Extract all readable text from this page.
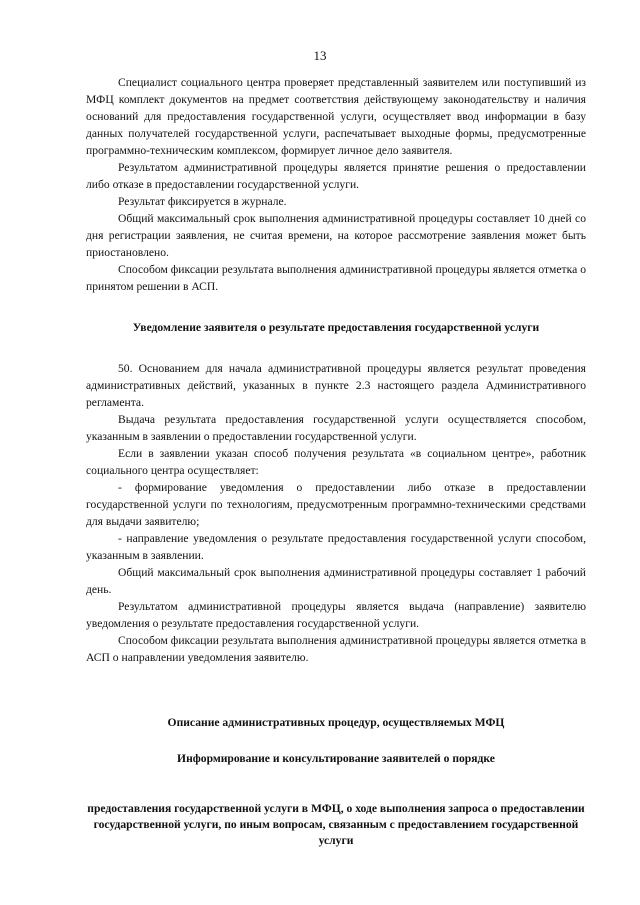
13

Специалист социального центра проверяет представленный заявителем или поступивший из МФЦ комплект документов на предмет соответствия действующему законодательству и наличия оснований для предоставления государственной услуги, осуществляет ввод информации в базу данных получателей государственной услуги, распечатывает выходные формы, предусмотренные программно-техническим комплексом, формирует личное дело заявителя.

Результатом административной процедуры является принятие решения о предоставлении либо отказе в предоставлении государственной услуги.

Результат фиксируется в журнале.

Общий максимальный срок выполнения административной процедуры составляет 10 дней со дня регистрации заявления, не считая времени, на которое рассмотрение заявления может быть приостановлено.

Способом фиксации результата выполнения административной процедуры является отметка о принятом решении в АСП.

Уведомление заявителя о результате предоставления государственной услуги

50. Основанием для начала административной процедуры является результат проведения административных действий, указанных в пункте 2.3 настоящего раздела Административного регламента.

Выдача результата предоставления государственной услуги осуществляется способом, указанным в заявлении о предоставлении государственной услуги.

Если в заявлении указан способ получения результата «в социальном центре», работник социального центра осуществляет:

- формирование уведомления о предоставлении либо отказе в предоставлении государственной услуги по технологиям, предусмотренным программно-техническими средствами для выдачи заявителю;

- направление уведомления о результате предоставления государственной услуги способом, указанным в заявлении.

Общий максимальный срок выполнения административной процедуры составляет 1 рабочий день.

Результатом административной процедуры является выдача (направление) заявителю уведомления о результате предоставления государственной услуги.

Способом фиксации результата выполнения административной процедуры является отметка в АСП о направлении уведомления заявителю.

Описание административных процедур, осуществляемых МФЦ

Информирование и консультирование заявителей о порядке

предоставления государственной услуги в МФЦ, о ходе выполнения запроса о предоставлении государственной услуги, по иным вопросам, связанным с предоставлением государственной услуги
